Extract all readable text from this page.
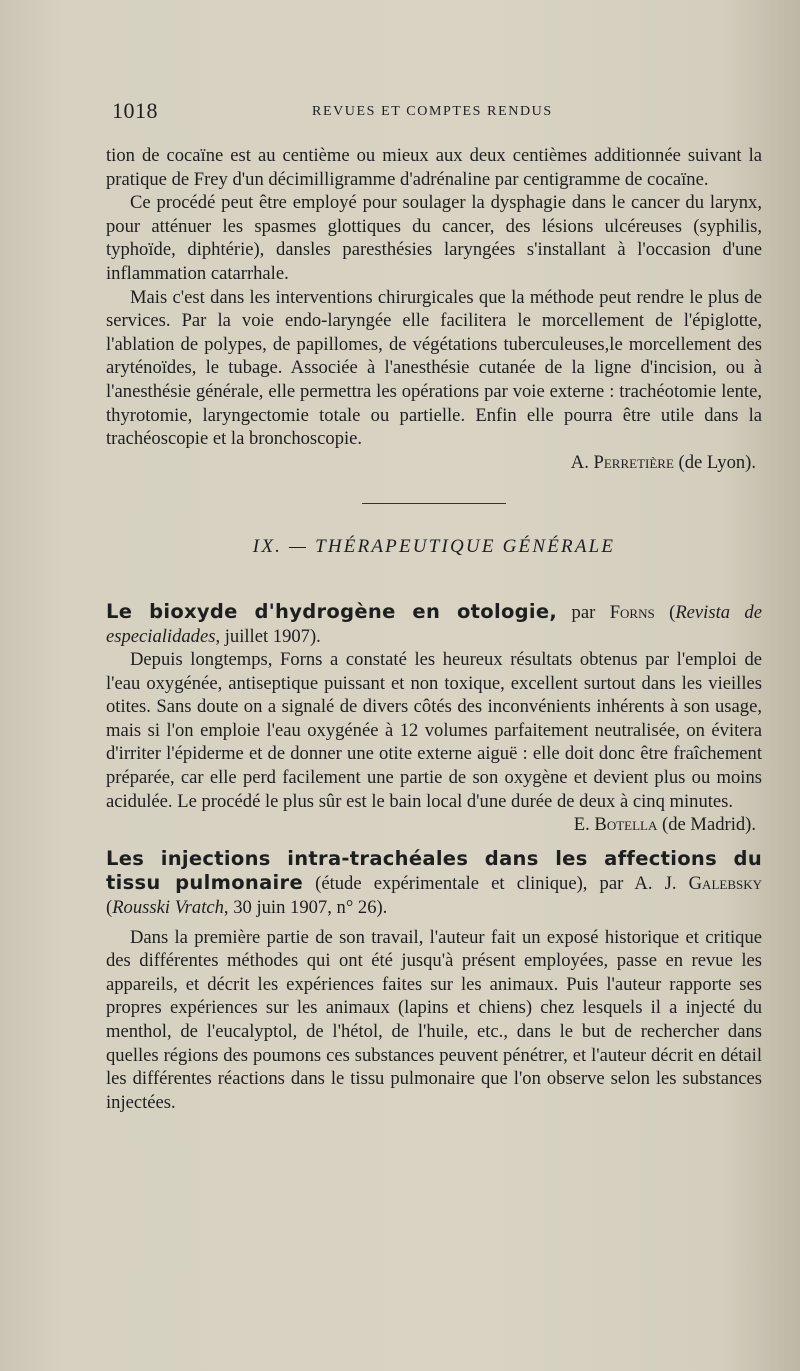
1018	REVUES ET COMPTES RENDUS

tion de cocaïne est au centième ou mieux aux deux centièmes additionnée suivant la pratique de Frey d'un décimilligramme d'adrénaline par centigramme de cocaïne.

Ce procédé peut être employé pour soulager la dysphagie dans le cancer du larynx, pour atténuer les spasmes glottiques du cancer, des lésions ulcéreuses (syphilis, typhoïde, diphtérie), dansles paresthésies laryngées s'installant à l'occasion d'une inflammation catarrhale.

Mais c'est dans les interventions chirurgicales que la méthode peut rendre le plus de services. Par la voie endo-laryngée elle facilitera le morcellement de l'épiglotte, l'ablation de polypes, de papillomes, de végétations tuberculeuses,le morcellement des aryténoïdes, le tubage. Associée à l'anesthésie cutanée de la ligne d'incision, ou à l'anesthésie générale, elle permettra les opérations par voie externe : trachéotomie lente, thyrotomie, laryngectomie totale ou partielle. Enfin elle pourra être utile dans la trachéoscopie et la bronchoscopie.

A. Perretière (de Lyon).

IX. — THÉRAPEUTIQUE GÉNÉRALE

Le bioxyde d'hydrogène en otologie, par Forns (Revista de especialidades, juillet 1907).

Depuis longtemps, Forns a constaté les heureux résultats obtenus par l'emploi de l'eau oxygénée, antiseptique puissant et non toxique, excellent surtout dans les vieilles otites. Sans doute on a signalé de divers côtés des inconvénients inhérents à son usage, mais si l'on emploie l'eau oxygénée à 12 volumes parfaitement neutralisée, on évitera d'irriter l'épiderme et de donner une otite externe aiguë : elle doit donc être fraîchement préparée, car elle perd facilement une partie de son oxygène et devient plus ou moins acidulée. Le procédé le plus sûr est le bain local d'une durée de deux à cinq minutes.

E. Botella (de Madrid).

Les injections intra-trachéales dans les affections du tissu pulmonaire (étude expérimentale et clinique), par A. J. Galebsky (Rousski Vratch, 30 juin 1907, n° 26).

Dans la première partie de son travail, l'auteur fait un exposé historique et critique des différentes méthodes qui ont été jusqu'à présent employées, passe en revue les appareils, et décrit les expériences faites sur les animaux. Puis l'auteur rapporte ses propres expériences sur les animaux (lapins et chiens) chez lesquels il a injecté du menthol, de l'eucalyptol, de l'hétol, de l'huile, etc., dans le but de rechercher dans quelles régions des poumons ces substances peuvent pénétrer, et l'auteur décrit en détail les différentes réactions dans le tissu pulmonaire que l'on observe selon les substances injectées.
